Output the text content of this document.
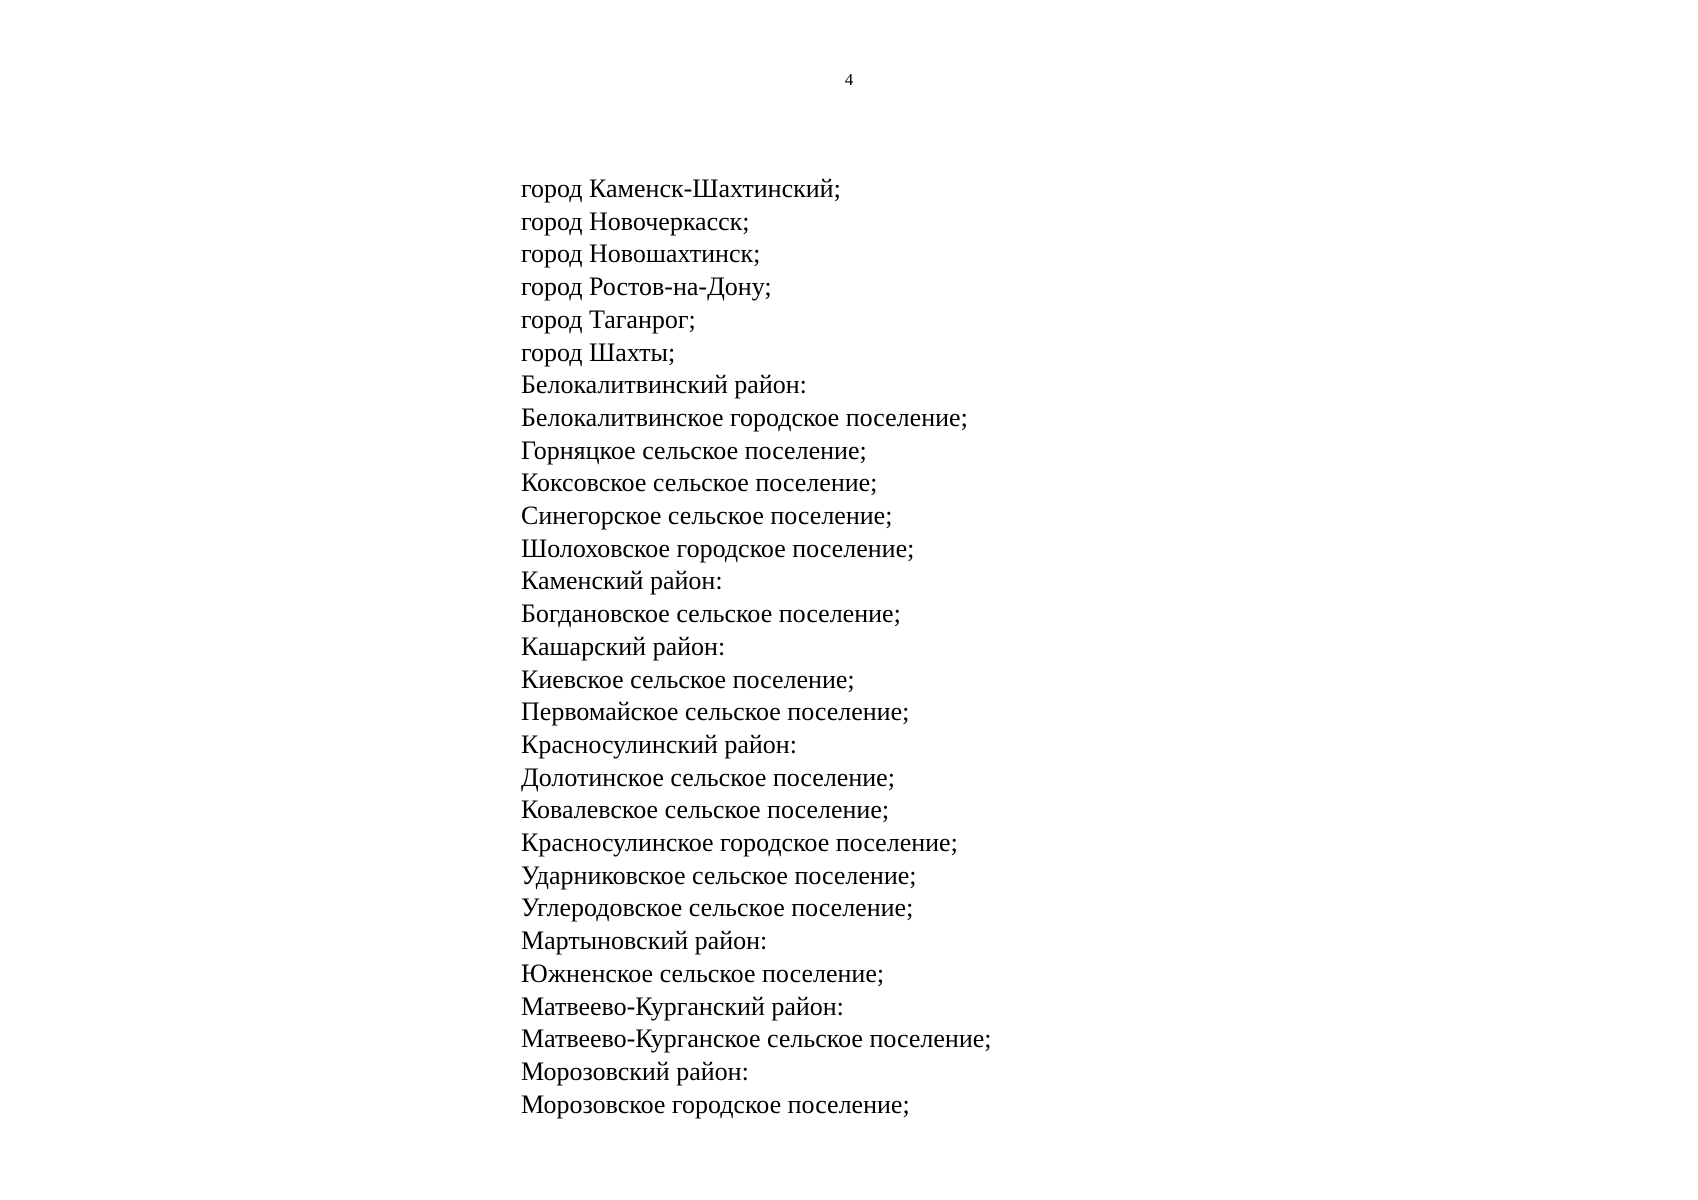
4
город Каменск-Шахтинский;
город Новочеркасск;
город Новошахтинск;
город Ростов-на-Дону;
город Таганрог;
город Шахты;
Белокалитвинский район:
Белокалитвинское городское поселение;
Горняцкое сельское поселение;
Коксовское сельское поселение;
Синегорское сельское поселение;
Шолоховское городское поселение;
Каменский район:
Богдановское сельское поселение;
Кашарский район:
Киевское сельское поселение;
Первомайское сельское поселение;
Красносулинский район:
Долотинское сельское поселение;
Ковалевское сельское поселение;
Красносулинское городское поселение;
Ударниковское сельское поселение;
Углеродовское сельское поселение;
Мартыновский район:
Южненское сельское поселение;
Матвеево-Курганский район:
Матвеево-Курганское сельское поселение;
Морозовский район:
Морозовское городское поселение;
